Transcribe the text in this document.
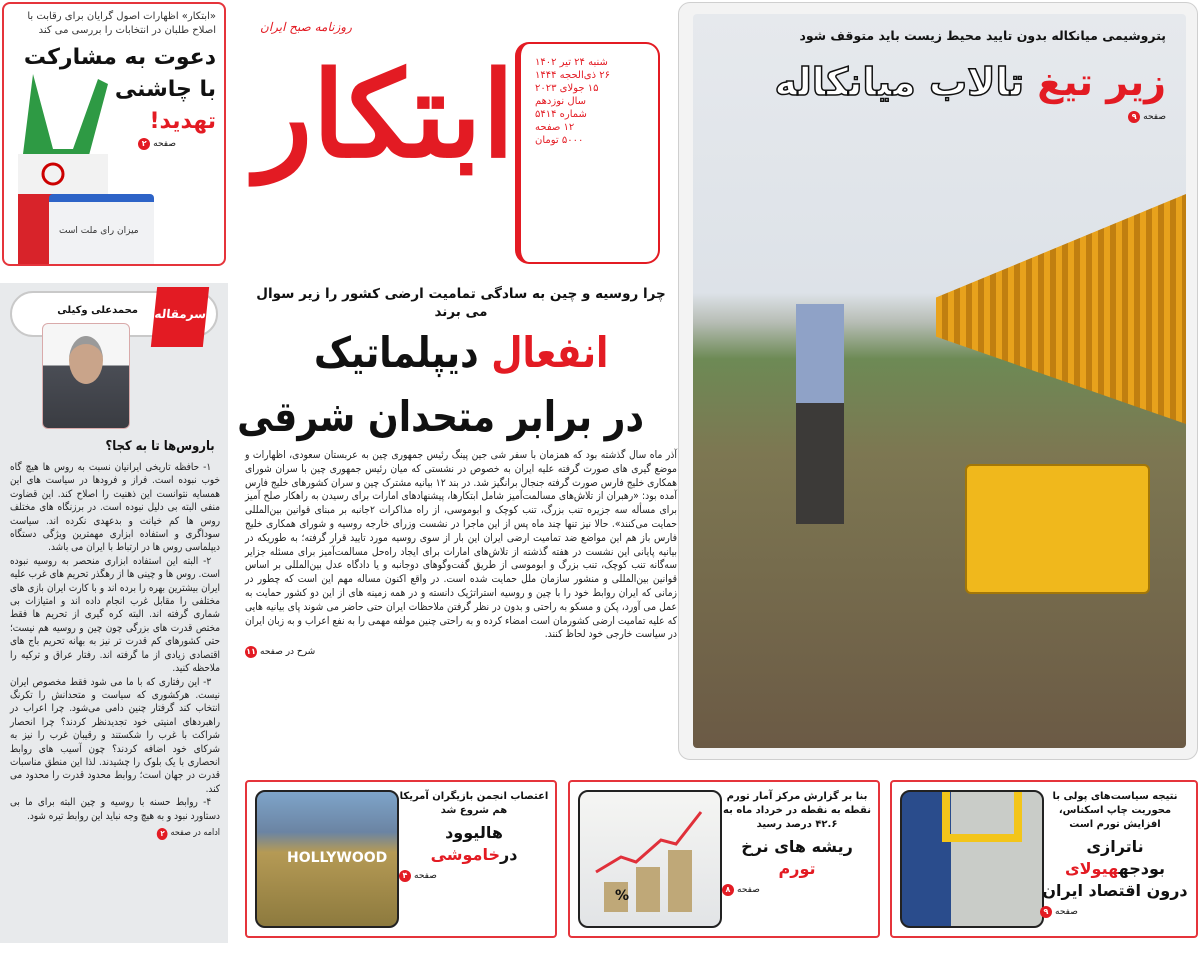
میزان رای ملت است
«ابتکار» اظهارات اصول گرایان برای رقابت با اصلاح طلبان در انتخابات را بررسی می کند
دعوت به مشارکت
با چاشنی
تهدید!
صفحه
۲ ابتکار
روزنامه صبح ایران
شنبه ۲۴ تیر ۱۴۰۲
۲۶ ذی‌الحجه ۱۴۴۴
۱۵ جولای ۲۰۲۳
سال نوزدهم
شماره ۵۴۱۴
۱۲ صفحه
۵۰۰۰ تومان
محمدعلی وکیلی سرمقاله
باروس‌ها تا به کجا؟

۱- حافظه تاریخی ایرانیان نسبت به روس ها هیچ گاه خوب نبوده است. فراز و فرودها در سیاست های این همسایه نتوانست این ذهنیت را اصلاح کند. این قضاوت منفی البته بی دلیل نبوده است. در برزنگاه های مختلف روس ها کم خیانت و بدعهدی نکرده اند. سیاست سوداگری و استفاده ابزاری مهمترین ویژگی دستگاه دیپلماسی روس ها در ارتباط با ایران می باشد.

۲- البته این استفاده ابزاری منحصر به روسیه نبوده است. روس ها و چینی ها از رهگذر تحریم های غرب علیه ایران بیشترین بهره را برده اند و با کارت ایران بازی های مختلفی را مقابل غرب انجام داده اند و امتیازات بی شماری گرفته اند. البته کره گیری از تحریم ها فقط مختص قدرت های بزرگی چون چین و روسیه هم نیست؛ حتی کشورهای کم قدرت تر نیز به بهانه تحریم باج های اقتصادی زیادی از ما گرفته اند. رفتار عراق و ترکیه را ملاحظه کنید.

۳- این رفتاری که با ما می شود فقط مخصوص ایران نیست. هرکشوری که سیاست و متحدانش را تکرنگ انتخاب کند گرفتار چنین دامی می‌شود. چرا اعراب در راهبردهای امنیتی خود تجدیدنظر کردند؟ چرا انحصار شراکت با غرب را شکستند و رقیبان غرب را نیز به شرکای خود اضافه کردند؟ چون آسیب های روابط انحصاری با یک بلوک را چشیدند. لذا این منطق مناسبات قدرت در جهان است؛ روابط محدود قدرت را محدود می کند.

۴- روابط حسنه با روسیه و چین البته برای ما بی دستاورد نبود و به هیچ وجه نباید این روابط تیره شود.

ادامه در صفحه
۲
چرا روسیه و چین به سادگی تمامیت ارضی کشور را زیر سوال می برند
انفعال دیپلماتیک
در برابر متحدان شرقی
آذر ماه سال گذشته بود که همزمان با سفر شی جین پینگ رئیس جمهوری چین به عربستان سعودی، اظهارات و موضع گیری های صورت گرفته علیه ایران به خصوص در نشستی که میان رئیس جمهوری چین با سران شورای همکاری خلیج فارس صورت گرفته جنجال برانگیز شد. در بند ۱۲ بیانیه مشترک چین و سران کشورهای خلیج فارس آمده بود: «رهبران از تلاش‌های مسالمت‌آمیز شامل ابتکارها، پیشنهادهای امارات برای رسیدن به راهکار صلح آمیز برای مسأله سه جزیره تنب بزرگ، تنب کوچک و ابوموسی، از راه مذاکرات ۲جانبه بر مبنای قوانین بین‌المللی حمایت می‌کنند». حالا نیز تنها چند ماه پس از این ماجرا در نشست وزرای خارجه روسیه و شورای همکاری خلیج فارس باز هم این مواضع ضد تمامیت ارضی ایران این بار از سوی روسیه مورد تایید قرار گرفته؛ به طوریکه در بیانیه پایانی این نشست در هفته گذشته از تلاش‌های امارات برای ایجاد راه‌حل مسالمت‌آمیز برای مسئله جزایر سه‌گانه تنب کوچک، تنب بزرگ و ابوموسی از طریق گفت‌وگوهای دوجانبه و یا دادگاه عدل بین‌المللی بر اساس قوانین بین‌المللی و منشور سازمان ملل حمایت شده است. در واقع اکنون مساله مهم این است که چطور در زمانی که ایران روابط خود را با چین و روسیه استراتژیک دانسته و در همه زمینه های از این دو کشور حمایت به عمل می آورد، پکن و مسکو به راحتی و بدون در نظر گرفتن ملاحظات ایران حتی حاضر می شوند پای بیانیه هایی که علیه تمامیت ارضی کشورمان است امضاء کرده و به راحتی چنین مولفه مهمی را به نفع اعراب و به زبان ایران در سیاست خارجی خود لحاظ کنند.
شرح در صفحه
۱۱
پتروشیمی میانکاله بدون تایید محیط زیست باید متوقف شود
زیر تیغ تالاب میانکاله
۹ صفحه
HOLLYWOOD
اعتصاب انجمن بازیگران آمریکا هم شروع شد
هالیوود
درخاموشی
صفحه
۴
%
بنا بر گزارش مرکز آمار تورم نقطه به نقطه در خرداد ماه به ۴۲.۶ درصد رسید
ریشه های نرخ تورم
صفحه
۸
نتیجه سیاست‌های پولی با محوریت چاپ اسکناس، افزایش تورم است
ناترازی بودجههیولای
درون اقتصاد ایران
صفحه
۹
